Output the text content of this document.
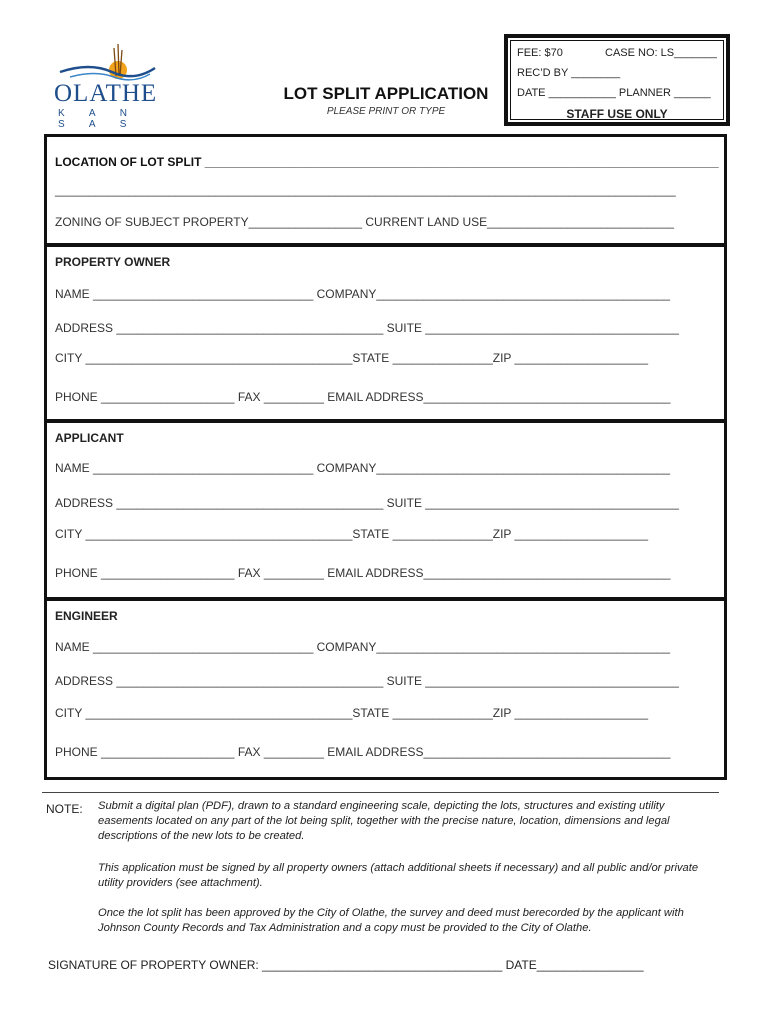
OLATHE
K A N S A S
LOT SPLIT APPLICATION
PLEASE PRINT OR TYPE
FEE: $70	CASE NO: LS_______
REC’D BY ________
DATE ___________ PLANNER ______
STAFF USE ONLY
LOCATION OF LOT SPLIT _____________________________________________________________________________
_____________________________________________________________________________________________
ZONING OF SUBJECT PROPERTY_________________ CURRENT LAND USE____________________________
PROPERTY OWNER
NAME _________________________________ COMPANY____________________________________________
ADDRESS ________________________________________ SUITE ______________________________________
CITY ________________________________________STATE _______________ZIP ____________________
PHONE ____________________ FAX _________ EMAIL ADDRESS_____________________________________
APPLICANT
NAME _________________________________ COMPANY____________________________________________
ADDRESS ________________________________________ SUITE ______________________________________
CITY ________________________________________STATE _______________ZIP ____________________
PHONE ____________________ FAX _________ EMAIL ADDRESS_____________________________________
ENGINEER
NAME _________________________________ COMPANY____________________________________________
ADDRESS ________________________________________ SUITE ______________________________________
CITY ________________________________________STATE _______________ZIP ____________________
PHONE ____________________ FAX _________ EMAIL ADDRESS_____________________________________
NOTE: Submit a digital plan (PDF), drawn to a standard engineering scale, depicting the lots, structures and existing utility easements located on any part of the lot being split, together with the precise nature, location, dimensions and legal descriptions of the new lots to be created.
This application must be signed by all property owners (attach additional sheets if necessary) and all public and/or private utility providers (see attachment).
Once the lot split has been approved by the City of Olathe, the survey and deed must berecorded by the applicant with Johnson County Records and Tax Administration and a copy must be provided to the City of Olathe.
SIGNATURE OF PROPERTY OWNER: ____________________________________ DATE________________
